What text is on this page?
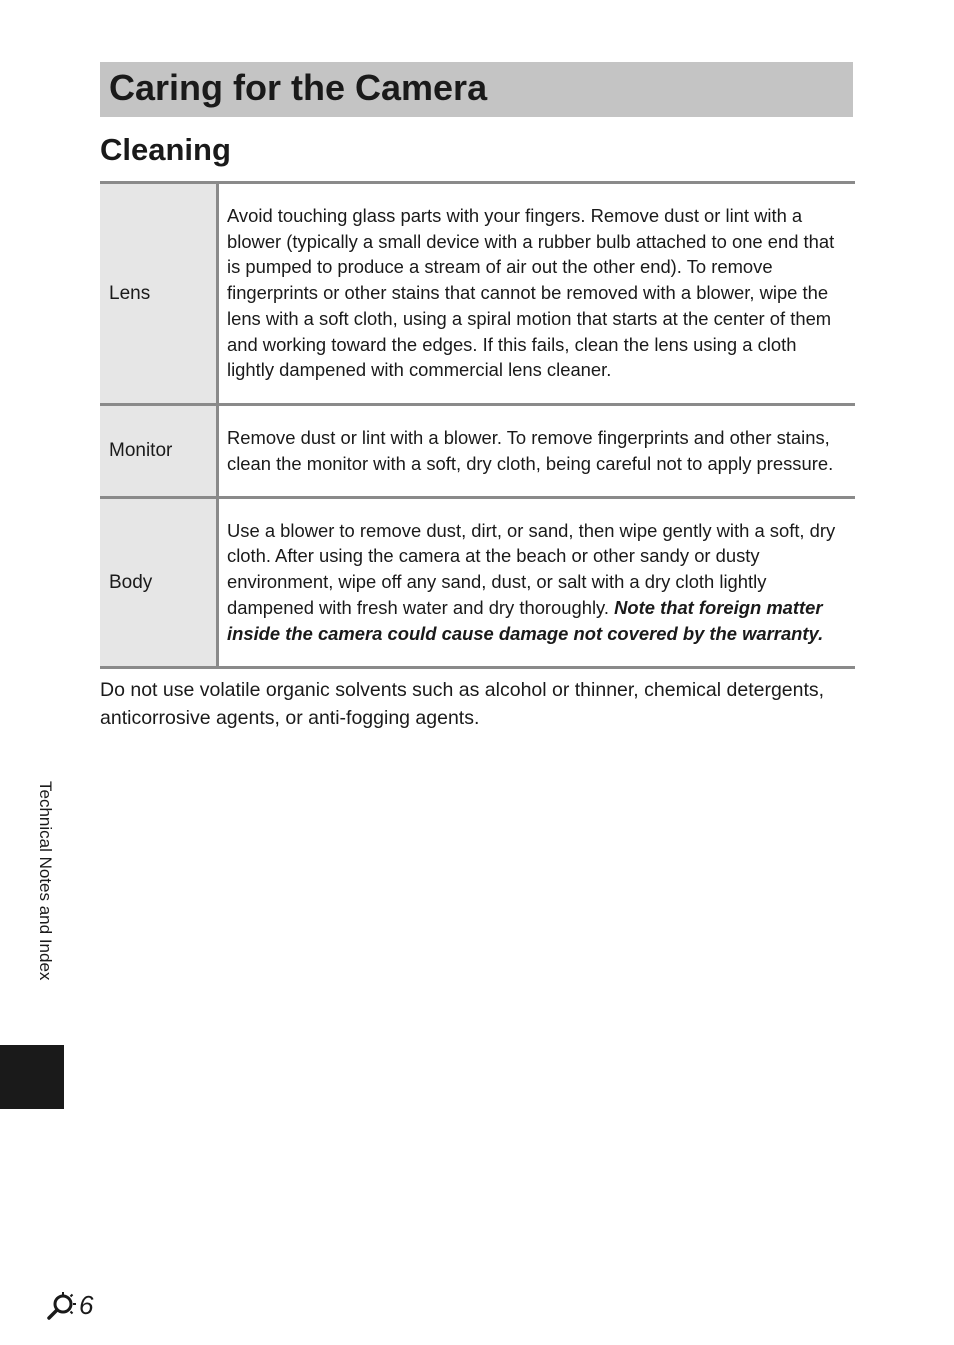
Caring for the Camera
Cleaning
Lens	Avoid touching glass parts with your fingers. Remove dust or lint with a blower (typically a small device with a rubber bulb attached to one end that is pumped to produce a stream of air out the other end). To remove fingerprints or other stains that cannot be removed with a blower, wipe the lens with a soft cloth, using a spiral motion that starts at the center of them and working toward the edges. If this fails, clean the lens using a cloth lightly dampened with commercial lens cleaner.
Monitor	Remove dust or lint with a blower. To remove fingerprints and other stains, clean the monitor with a soft, dry cloth, being careful not to apply pressure.
Body	Use a blower to remove dust, dirt, or sand, then wipe gently with a soft, dry cloth. After using the camera at the beach or other sandy or dusty environment, wipe off any sand, dust, or salt with a dry cloth lightly dampened with fresh water and dry thoroughly. Note that foreign matter inside the camera could cause damage not covered by the warranty.

Do not use volatile organic solvents such as alcohol or thinner, chemical detergents, anticorrosive agents, or anti-fogging agents.

Technical Notes and Index
6
